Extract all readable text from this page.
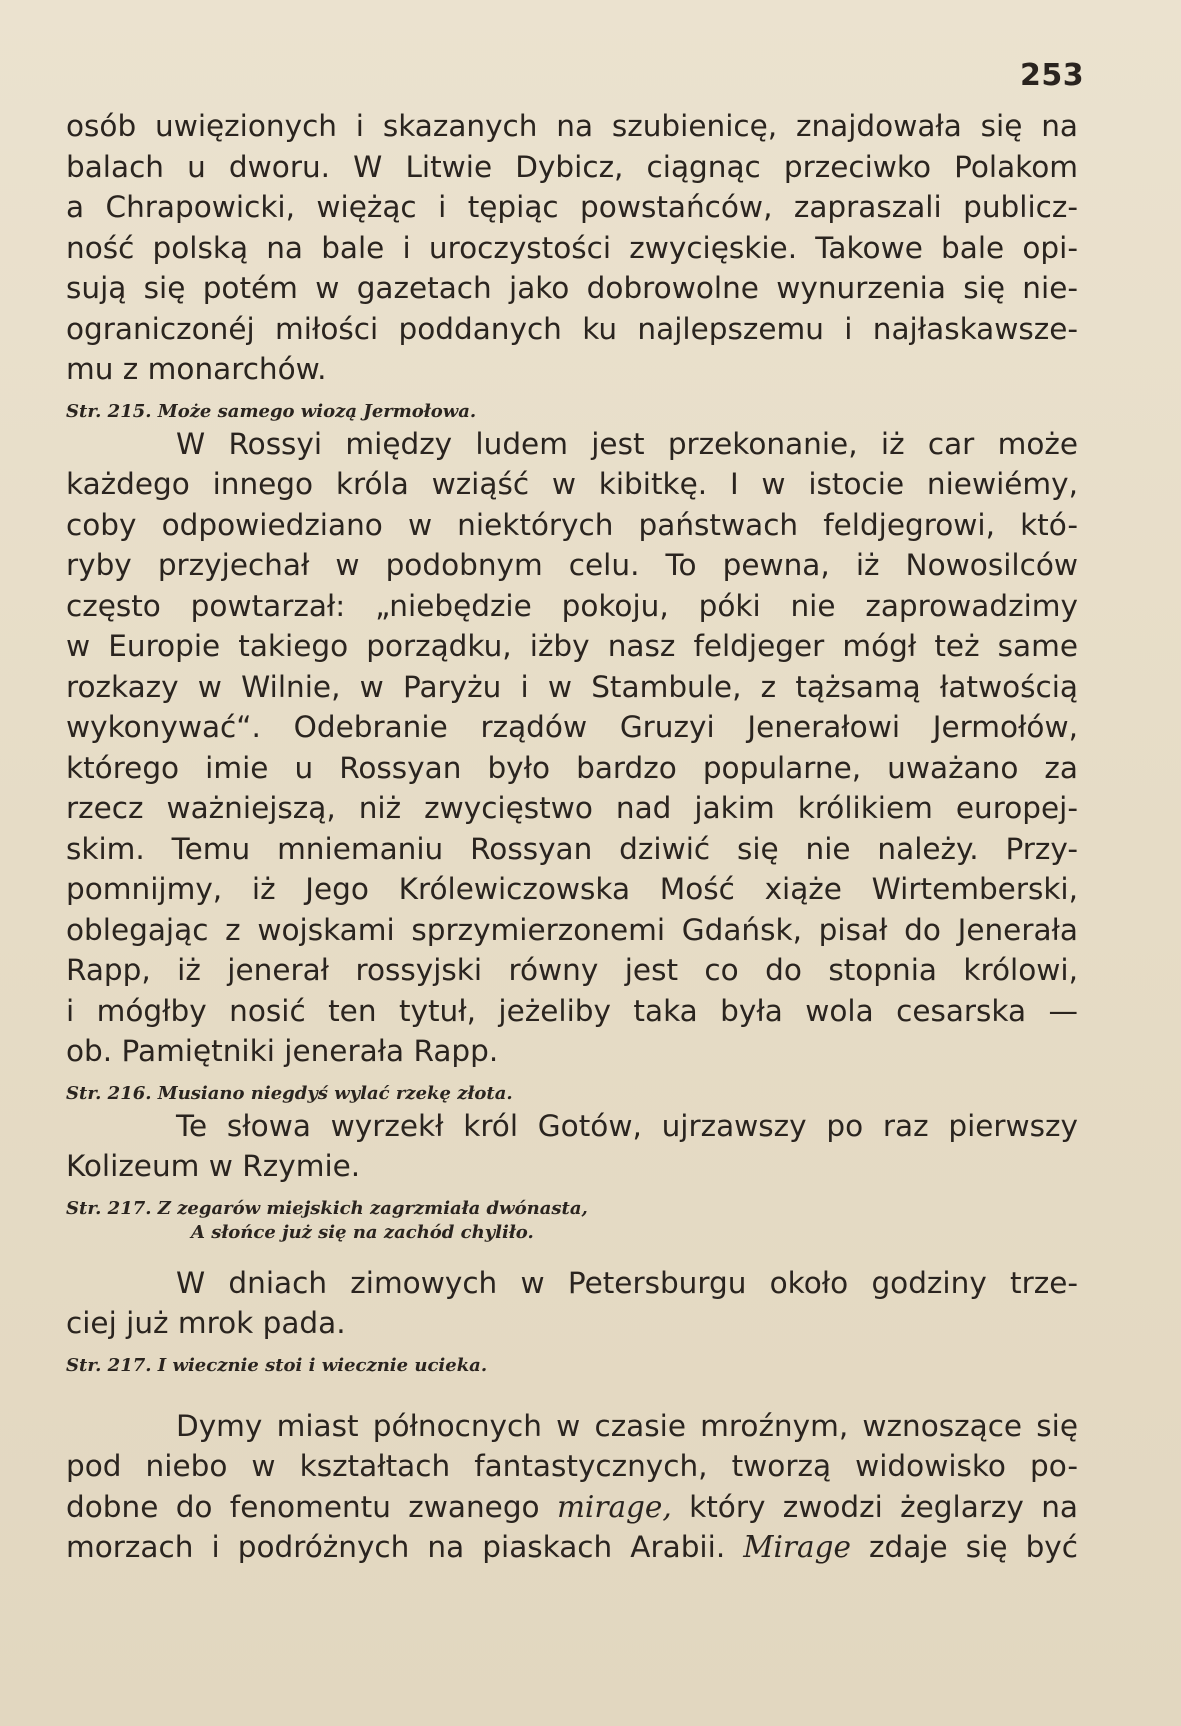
253
osób uwięzionych i skazanych na szubienicę, znajdowała się na
balach u dworu. W Litwie Dybicz, ciągnąc przeciwko Polakom
a Chrapowicki, więżąc i tępiąc powstańców, zapraszali publicz-
ność polską na bale i uroczystości zwycięskie. Takowe bale opi-
sują się potém w gazetach jako dobrowolne wynurzenia się nie-
ograniczonéj miłości poddanych ku najlepszemu i najłaskawsze-
mu z monarchów.
Str. 215. Może samego wiozą Jermołowa.
W Rossyi między ludem jest przekonanie, iż car może
każdego innego króla wziąść w kibitkę. I w istocie niewiémy,
coby odpowiedziano w niektórych państwach feldjegrowi, któ-
ryby przyjechał w podobnym celu. To pewna, iż Nowosilców
często powtarzał: „niebędzie pokoju, póki nie zaprowadzimy
w Europie takiego porządku, iżby nasz feldjeger mógł też same
rozkazy w Wilnie, w Paryżu i w Stambule, z tążsamą łatwością
wykonywać“. Odebranie rządów Gruzyi Jenerałowi Jermołów,
którego imie u Rossyan było bardzo popularne, uważano za
rzecz ważniejszą, niż zwycięstwo nad jakim królikiem europej-
skim. Temu mniemaniu Rossyan dziwić się nie należy. Przy-
pomnijmy, iż Jego Królewiczowska Mość xiąże Wirtemberski,
oblegając z wojskami sprzymierzonemi Gdańsk, pisał do Jenerała
Rapp, iż jenerał rossyjski równy jest co do stopnia królowi,
i mógłby nosić ten tytuł, jeżeliby taka była wola cesarska —
ob. Pamiętniki jenerała Rapp.
Str. 216. Musiano niegdyś wylać rzekę złota.
Te słowa wyrzekł król Gotów, ujrzawszy po raz pierwszy
Kolizeum w Rzymie.
Str. 217. Z zegarów miejskich zagrzmiała dwónasta,
A słońce już się na zachód chyliło.
W dniach zimowych w Petersburgu około godziny trze-
ciej już mrok pada.
Str. 217. I wiecznie stoi i wiecznie ucieka.
Dymy miast północnych w czasie mroźnym, wznoszące się
pod niebo w kształtach fantastycznych, tworzą widowisko po-
dobne do fenomentu zwanego mirage, który zwodzi żeglarzy na
morzach i podróżnych na piaskach Arabii. Mirage zdaje się być
